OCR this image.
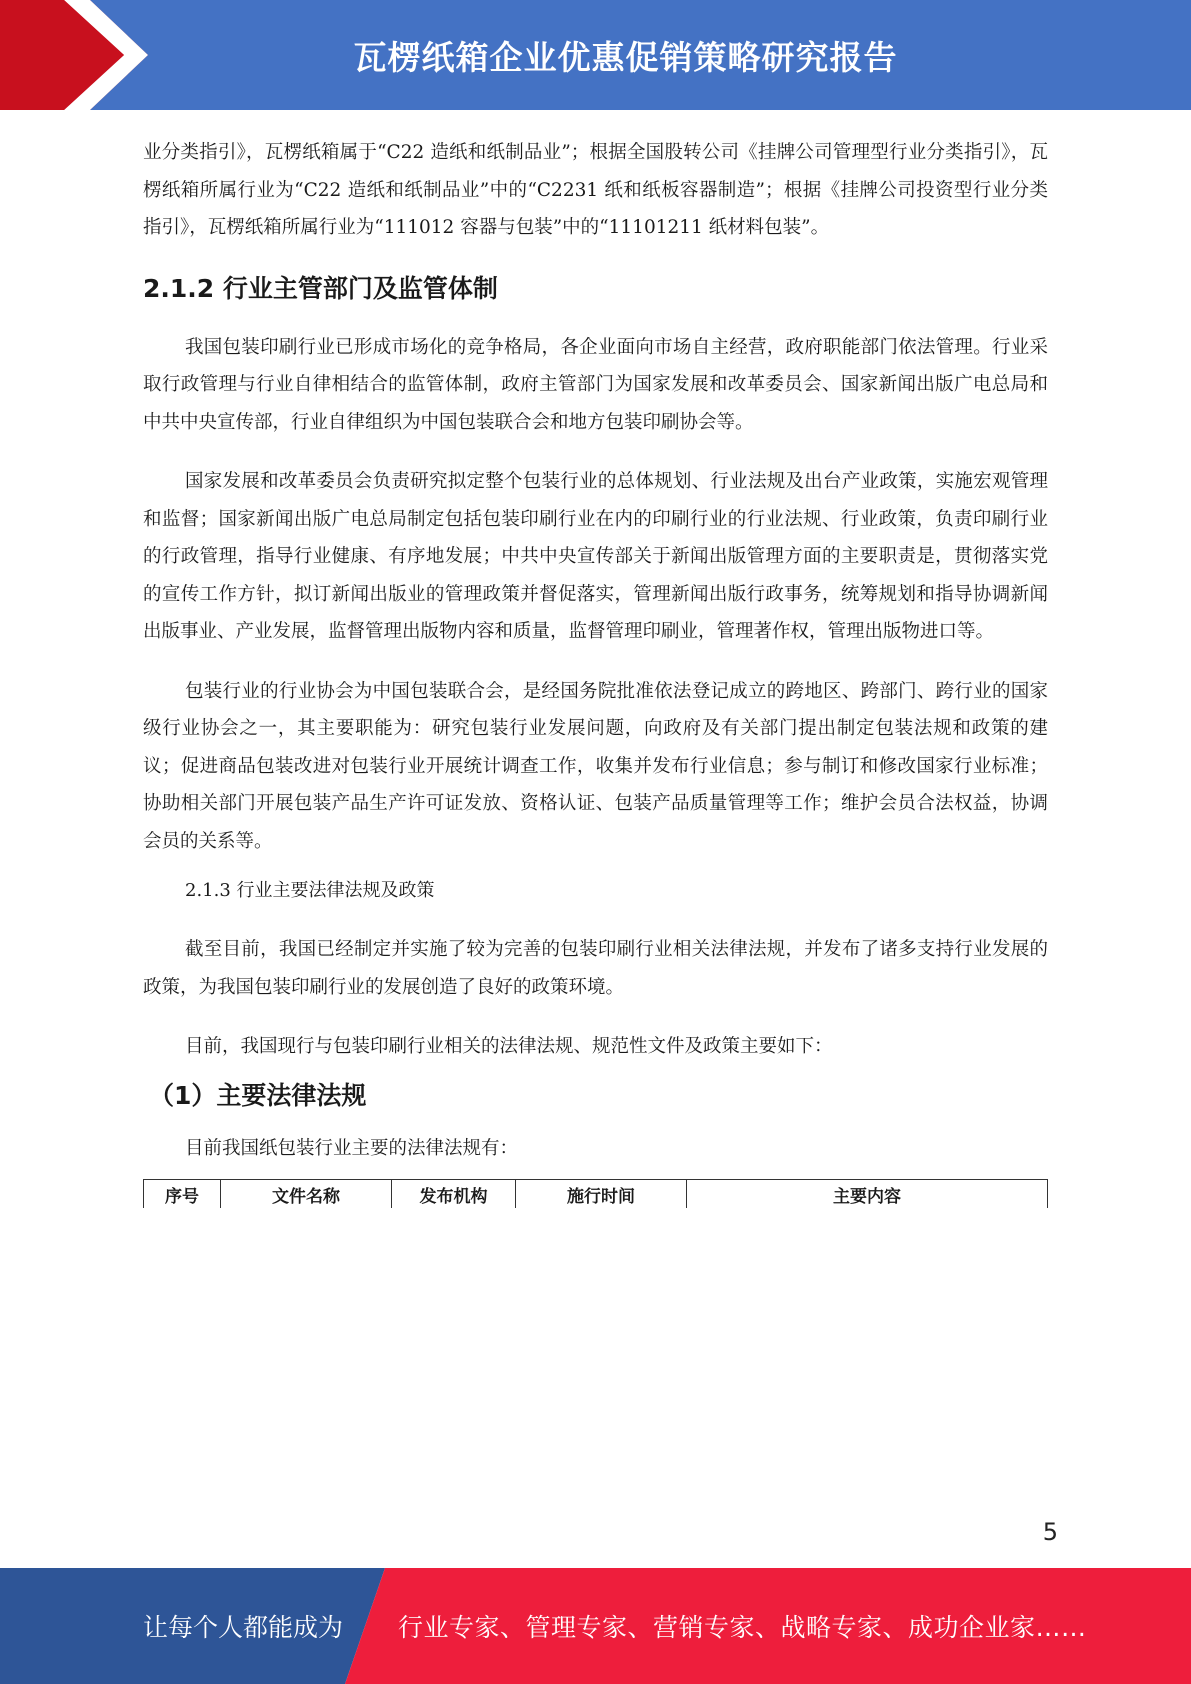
瓦楞纸箱企业优惠促销策略研究报告

业分类指引》，瓦楞纸箱属于“C22 造纸和纸制品业”；根据全国股转公司《挂牌公司管理型行业分类指引》，瓦楞纸箱所属行业为“C22 造纸和纸制品业”中的“C2231 纸和纸板容器制造”；根据《挂牌公司投资型行业分类指引》，瓦楞纸箱所属行业为“111012 容器与包装”中的“11101211 纸材料包装”。

2.1.2 行业主管部门及监管体制

我国包装印刷行业已形成市场化的竞争格局，各企业面向市场自主经营，政府职能部门依法管理。行业采取行政管理与行业自律相结合的监管体制，政府主管部门为国家发展和改革委员会、国家新闻出版广电总局和中共中央宣传部，行业自律组织为中国包装联合会和地方包装印刷协会等。

国家发展和改革委员会负责研究拟定整个包装行业的总体规划、行业法规及出台产业政策，实施宏观管理和监督；国家新闻出版广电总局制定包括包装印刷行业在内的印刷行业的行业法规、行业政策，负责印刷行业的行政管理，指导行业健康、有序地发展；中共中央宣传部关于新闻出版管理方面的主要职责是，贯彻落实党的宣传工作方针，拟订新闻出版业的管理政策并督促落实，管理新闻出版行政事务，统筹规划和指导协调新闻出版事业、产业发展，监督管理出版物内容和质量，监督管理印刷业，管理著作权，管理出版物进口等。

包装行业的行业协会为中国包装联合会，是经国务院批准依法登记成立的跨地区、跨部门、跨行业的国家级行业协会之一，其主要职能为：研究包装行业发展问题，向政府及有关部门提出制定包装法规和政策的建议；促进商品包装改进对包装行业开展统计调查工作，收集并发布行业信息；参与制订和修改国家行业标准；协助相关部门开展包装产品生产许可证发放、资格认证、包装产品质量管理等工作；维护会员合法权益，协调会员的关系等。

2.1.3 行业主要法律法规及政策

截至目前，我国已经制定并实施了较为完善的包装印刷行业相关法律法规，并发布了诸多支持行业发展的政策，为我国包装印刷行业的发展创造了良好的政策环境。

目前，我国现行与包装印刷行业相关的法律法规、规范性文件及政策主要如下：

（1）主要法律法规

目前我国纸包装行业主要的法律法规有：

序号	文件名称	发布机构	施行时间	主要内容
5
让每个人都能成为 行业专家、管理专家、营销专家、战略专家、成功企业家……
